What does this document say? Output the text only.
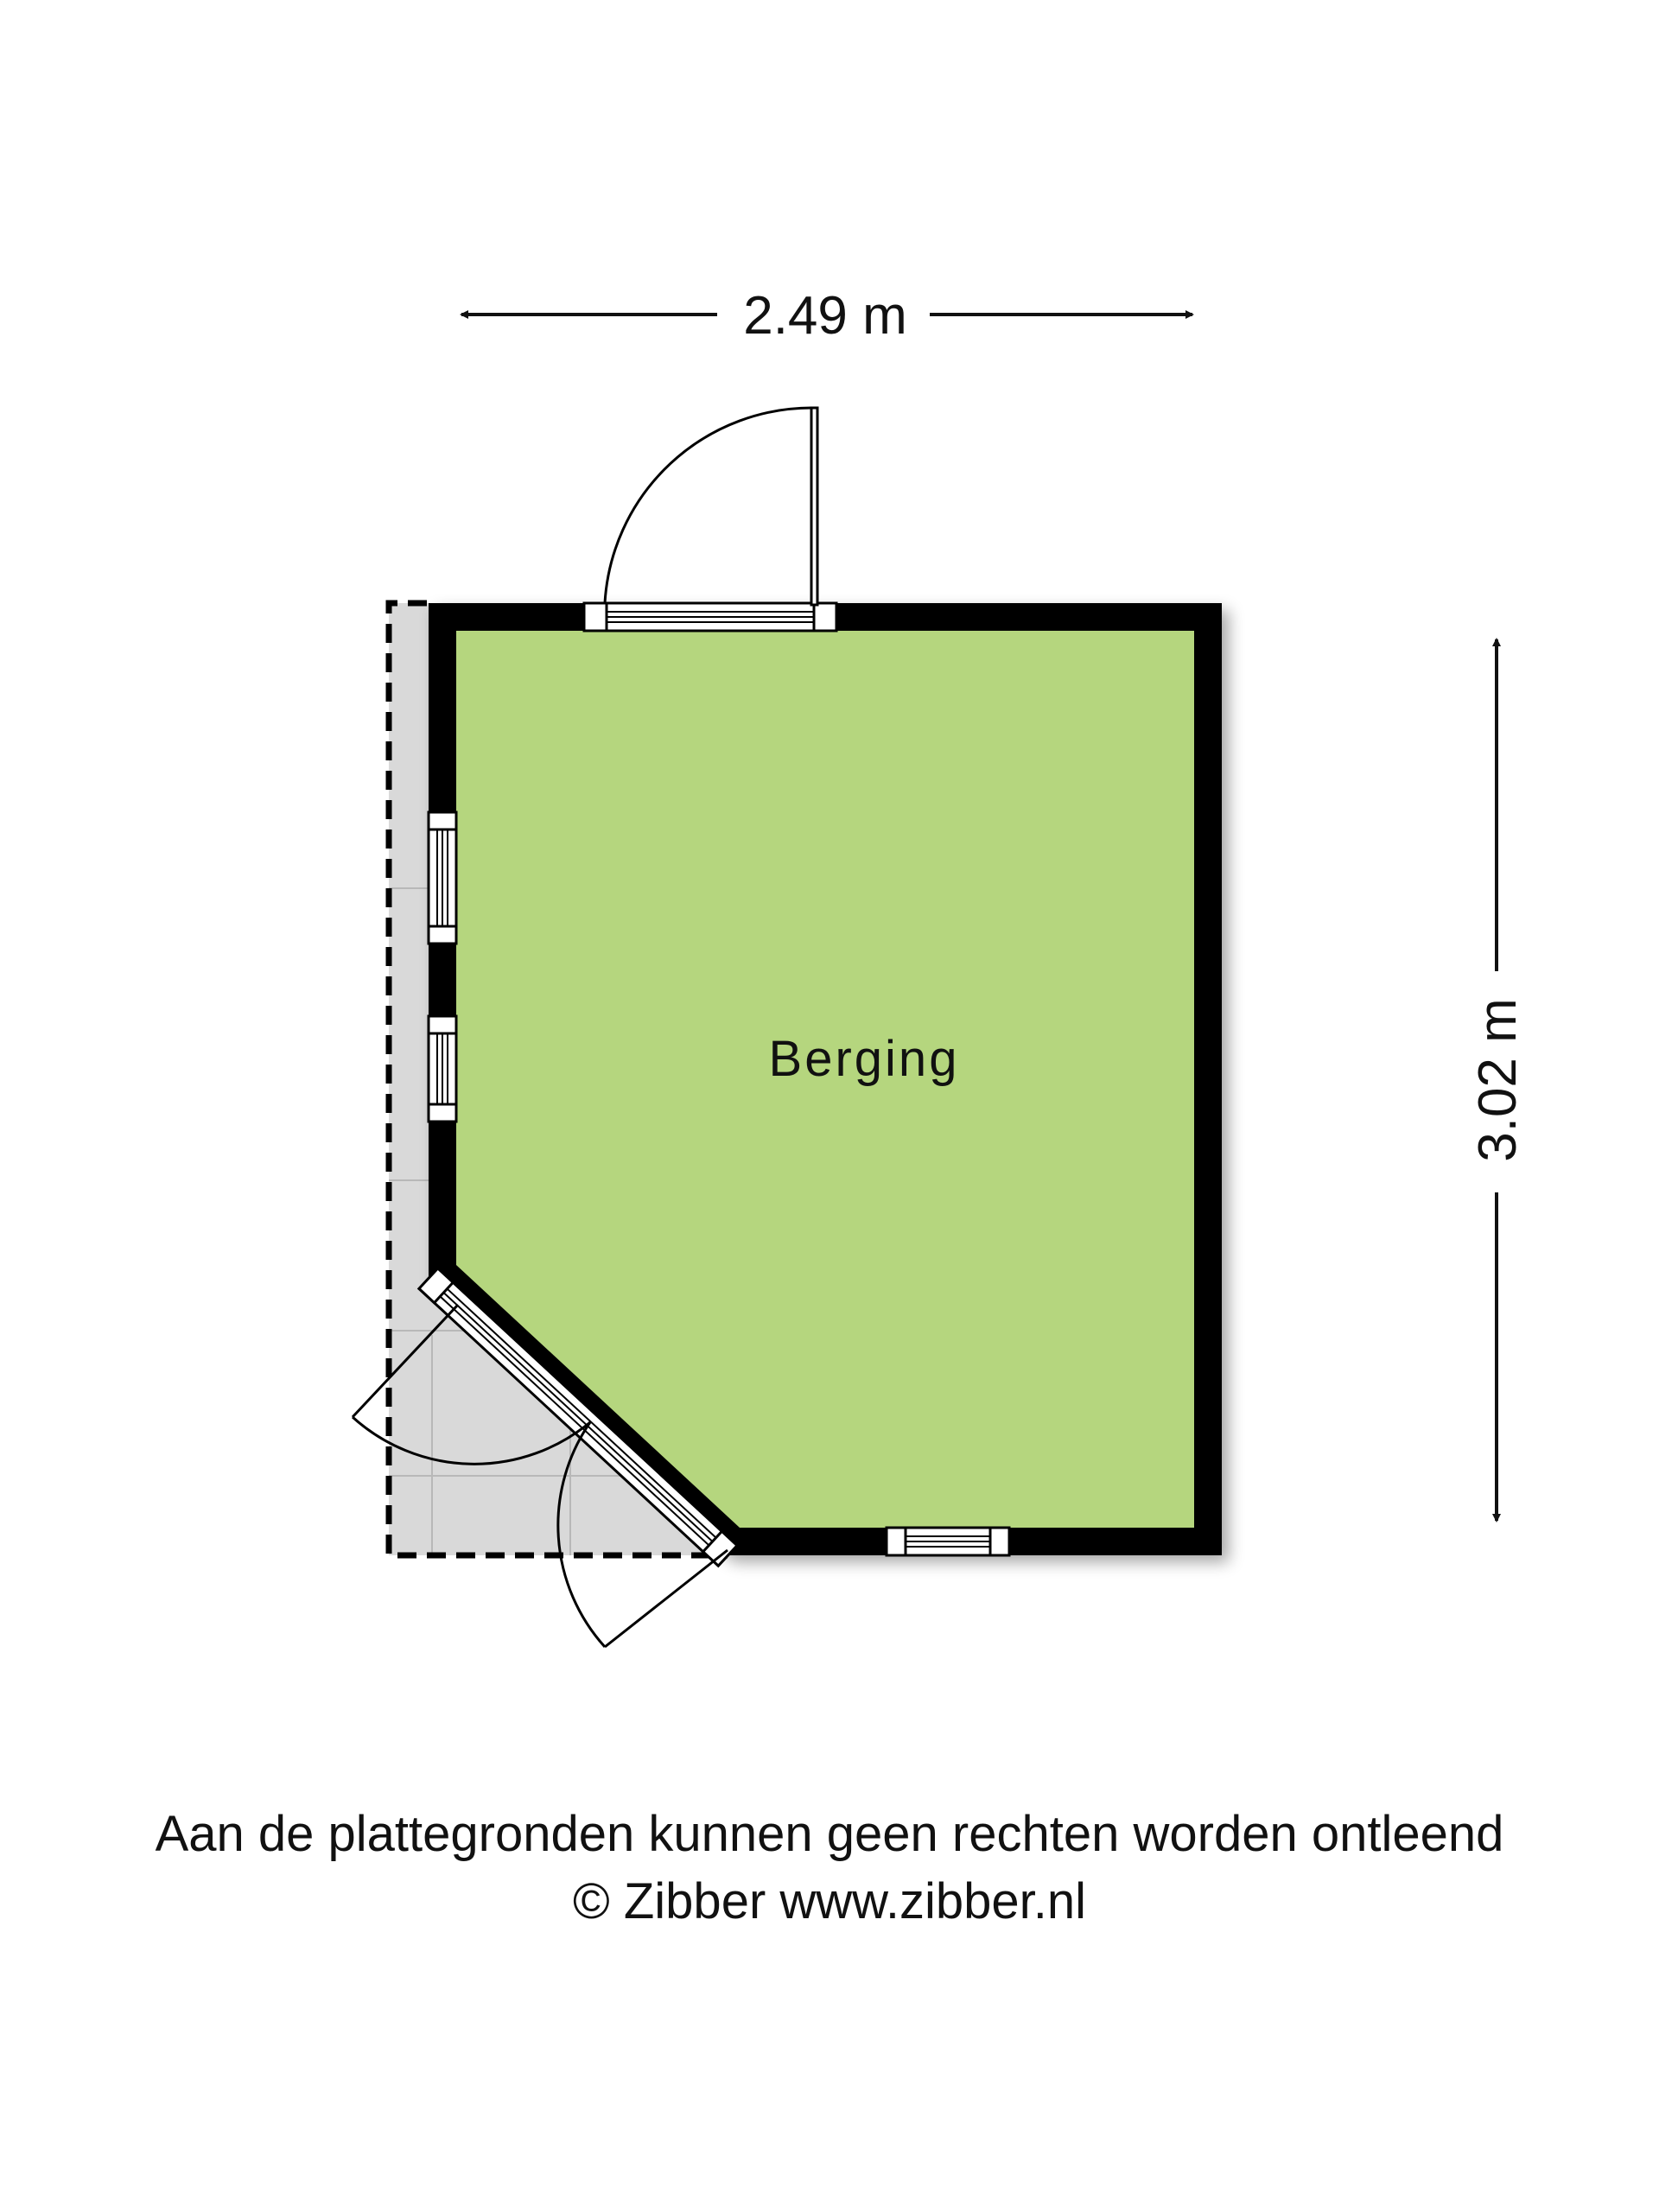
2.49 m
3.02 m
Berging
Aan de plattegronden kunnen geen rechten worden ontleend
© Zibber www.zibber.nl
